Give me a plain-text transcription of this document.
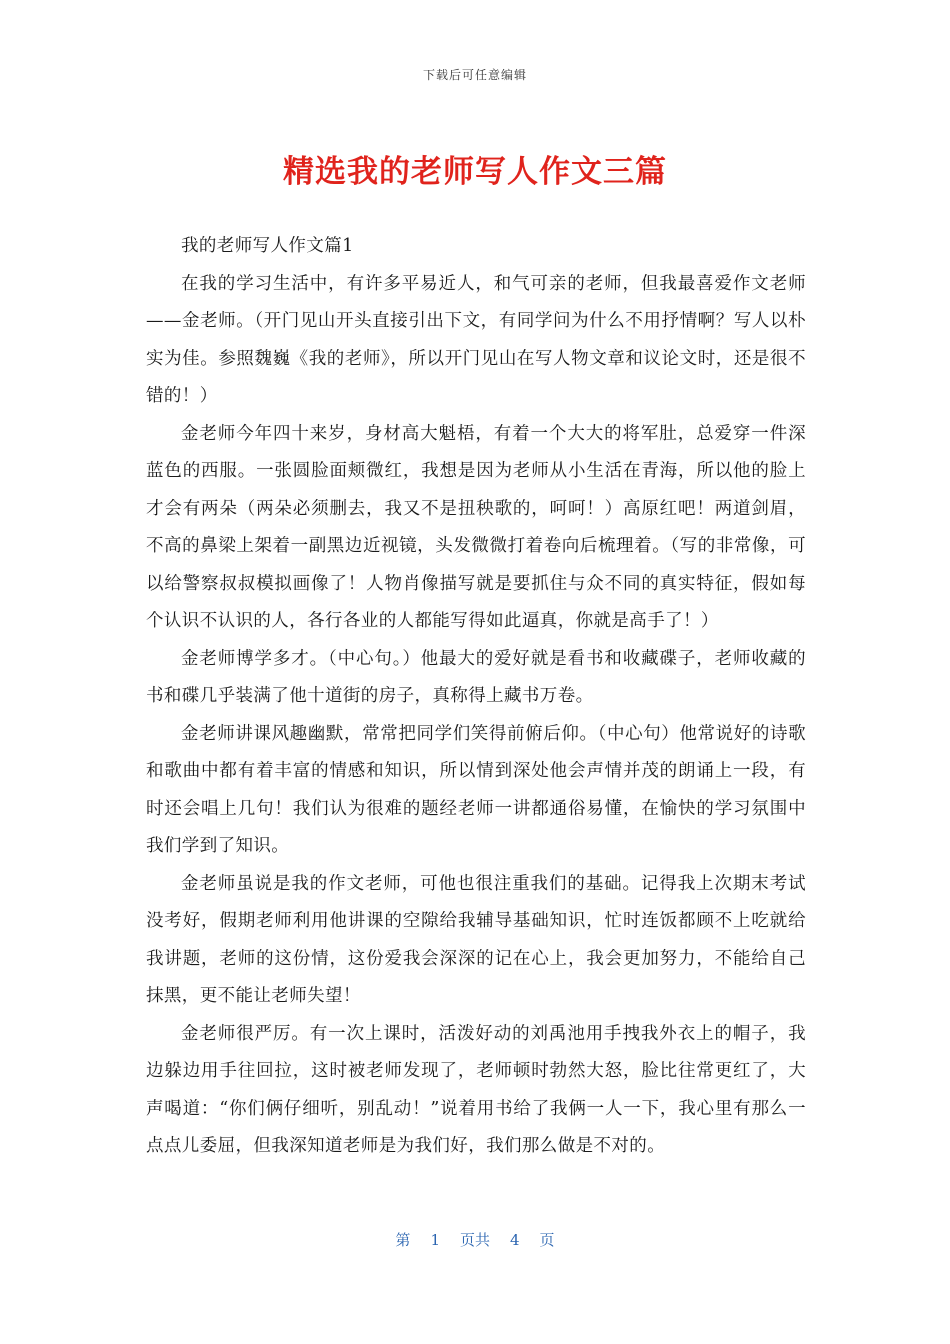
下载后可任意编辑
精选我的老师写人作文三篇

我的老师写人作文篇1

在我的学习生活中，有许多平易近人，和气可亲的老师，但我最喜爱作文老师——金老师。（开门见山开头直接引出下文，有同学问为什么不用抒情啊？写人以朴实为佳。参照魏巍《我的老师》，所以开门见山在写人物文章和议论文时，还是很不错的！）

金老师今年四十来岁，身材高大魁梧，有着一个大大的将军肚，总爱穿一件深蓝色的西服。一张圆脸面颊微红，我想是因为老师从小生活在青海，所以他的脸上才会有两朵（两朵必须删去，我又不是扭秧歌的，呵呵！）高原红吧！两道剑眉，不高的鼻梁上架着一副黑边近视镜，头发微微打着卷向后梳理着。（写的非常像，可以给警察叔叔模拟画像了！人物肖像描写就是要抓住与众不同的真实特征，假如每个认识不认识的人，各行各业的人都能写得如此逼真，你就是高手了！）

金老师博学多才。（中心句。）他最大的爱好就是看书和收藏碟子，老师收藏的书和碟几乎装满了他十道街的房子，真称得上藏书万卷。

金老师讲课风趣幽默，常常把同学们笑得前俯后仰。（中心句）他常说好的诗歌和歌曲中都有着丰富的情感和知识，所以情到深处他会声情并茂的朗诵上一段，有时还会唱上几句！我们认为很难的题经老师一讲都通俗易懂，在愉快的学习氛围中我们学到了知识。

金老师虽说是我的作文老师，可他也很注重我们的基础。记得我上次期末考试没考好，假期老师利用他讲课的空隙给我辅导基础知识，忙时连饭都顾不上吃就给我讲题，老师的这份情，这份爱我会深深的记在心上，我会更加努力，不能给自己抹黑，更不能让老师失望！

金老师很严厉。有一次上课时，活泼好动的刘禹池用手拽我外衣上的帽子，我边躲边用手往回拉，这时被老师发现了，老师顿时勃然大怒，脸比往常更红了，大声喝道：“你们俩仔细听，别乱动！”说着用书给了我俩一人一下，我心里有那么一点点儿委屈，但我深知道老师是为我们好，我们那么做是不对的。

第 1 页共 4 页
